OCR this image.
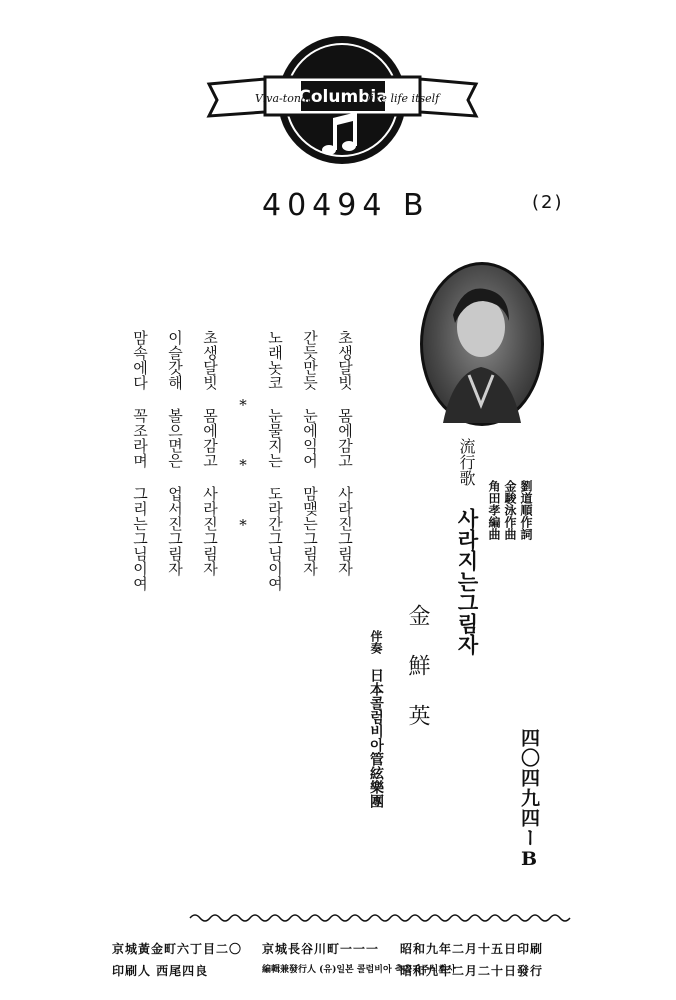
Columbia
Viva-tonal	like life itself
40494 B	(2)
초생달빗 몸에감고 사라진그림자
간듯만듯 눈에익어 맘맺는그림자
노래놋코 눈물지는 도라간그님이여
* * *
초생달빗 몸에감고 사라진그림자
이슬갓해 볼으면은 업서진그림자
맘속에다 꼭조라며 그리는그님이여	流行歌
사라지는그림자	劉道順作詞
金駿泳作曲
角田孝編曲
四〇四九四ーB
金鮮英
伴奏
日本콜럼비아管絃樂團
昭和九年二月十五日印刷
昭和九年二月二十日發行
京城長谷川町一一一
編輯兼發行人 (유)일본 콜럼비아 축음기주식회사
京城黃金町六丁目二〇
印刷人 西尾四良
